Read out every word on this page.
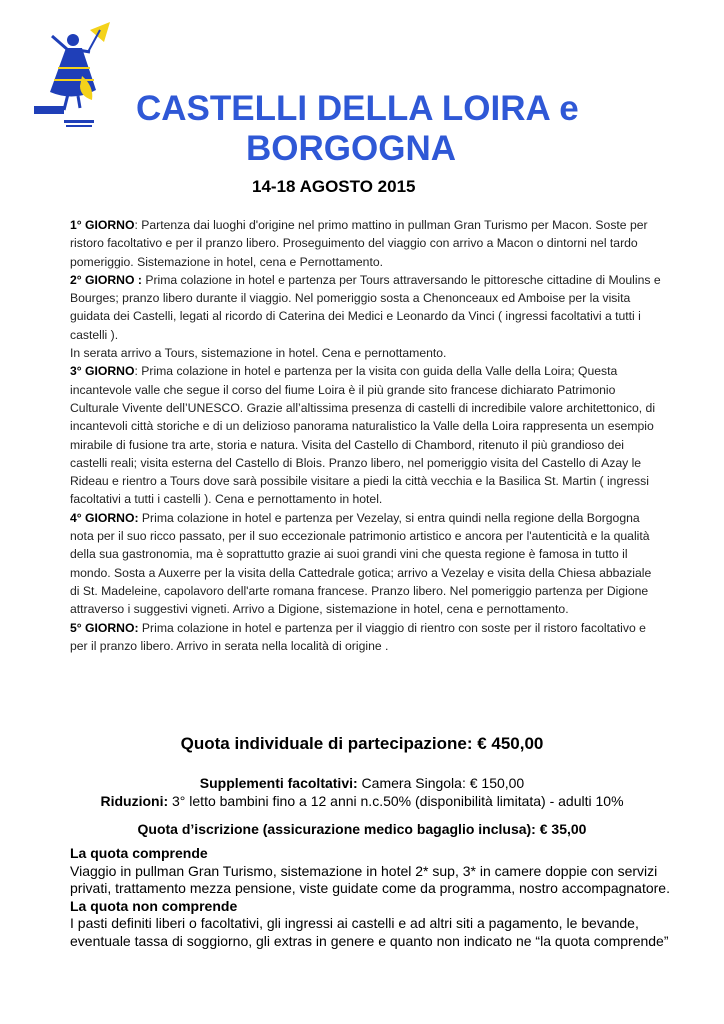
CASTELLI DELLA LOIRA e
BORGOGNA
14-18 AGOSTO 2015

1° GIORNO: Partenza dai luoghi d'origine nel primo mattino in pullman Gran Turismo per Macon. Soste per ristoro facoltativo e per il pranzo libero. Proseguimento del viaggio con arrivo a Macon o dintorni nel tardo pomeriggio. Sistemazione in hotel, cena e Pernottamento.

2° GIORNO : Prima colazione in hotel e partenza per Tours attraversando le pittoresche cittadine di Moulins e Bourges; pranzo libero durante il viaggio. Nel pomeriggio sosta a Chenonceaux ed Amboise per la visita guidata dei Castelli, legati al ricordo di Caterina dei Medici e Leonardo da Vinci ( ingressi facoltativi a tutti i castelli ).

In serata arrivo a Tours, sistemazione in hotel. Cena e pernottamento.

3° GIORNO: Prima colazione in hotel e partenza per la visita con guida della Valle della Loira; Questa incantevole valle che segue il corso del fiume Loira è il più grande sito francese dichiarato Patrimonio Culturale Vivente dell’UNESCO. Grazie all’altissima presenza di castelli di incredibile valore architettonico, di incantevoli città storiche e di un delizioso panorama naturalistico la Valle della Loira rappresenta un esempio mirabile di fusione tra arte, storia e natura. Visita del Castello di Chambord, ritenuto il più grandioso dei castelli reali; visita esterna del Castello di Blois. Pranzo libero, nel pomeriggio visita del Castello di Azay le Rideau e rientro a Tours dove sarà possibile visitare a piedi la città vecchia e la Basilica St. Martin ( ingressi facoltativi a tutti i castelli ). Cena e pernottamento in hotel.

4° GIORNO: Prima colazione in hotel e partenza per Vezelay, si entra quindi nella regione della Borgogna nota per il suo ricco passato, per il suo eccezionale patrimonio artistico e ancora per l'autenticità e la qualità della sua gastronomia, ma è soprattutto grazie ai suoi grandi vini che questa regione è famosa in tutto il mondo. Sosta a Auxerre per la visita della Cattedrale gotica; arrivo a Vezelay e visita della Chiesa abbaziale di St. Madeleine, capolavoro dell'arte romana francese. Pranzo libero. Nel pomeriggio partenza per Digione attraverso i suggestivi vigneti. Arrivo a Digione, sistemazione in hotel, cena e pernottamento.

5° GIORNO: Prima colazione in hotel e partenza per il viaggio di rientro con soste per il ristoro facoltativo e per il pranzo libero. Arrivo in serata nella località di origine .

Quota individuale di partecipazione: € 450,00

Supplementi facoltativi: Camera Singola: € 150,00
Riduzioni: 3° letto bambini fino a 12 anni n.c.50% (disponibilità limitata) - adulti 10%

Quota d’iscrizione (assicurazione medico bagaglio inclusa): € 35,00

La quota comprende

Viaggio in pullman Gran Turismo, sistemazione in hotel 2* sup, 3* in camere doppie con servizi privati, trattamento mezza pensione, viste guidate come da programma, nostro accompagnatore.

La quota non comprende

I pasti definiti liberi o facoltativi, gli ingressi ai castelli e ad altri siti a pagamento, le bevande, eventuale tassa di soggiorno, gli extras in genere e quanto non indicato ne “la quota comprende”
